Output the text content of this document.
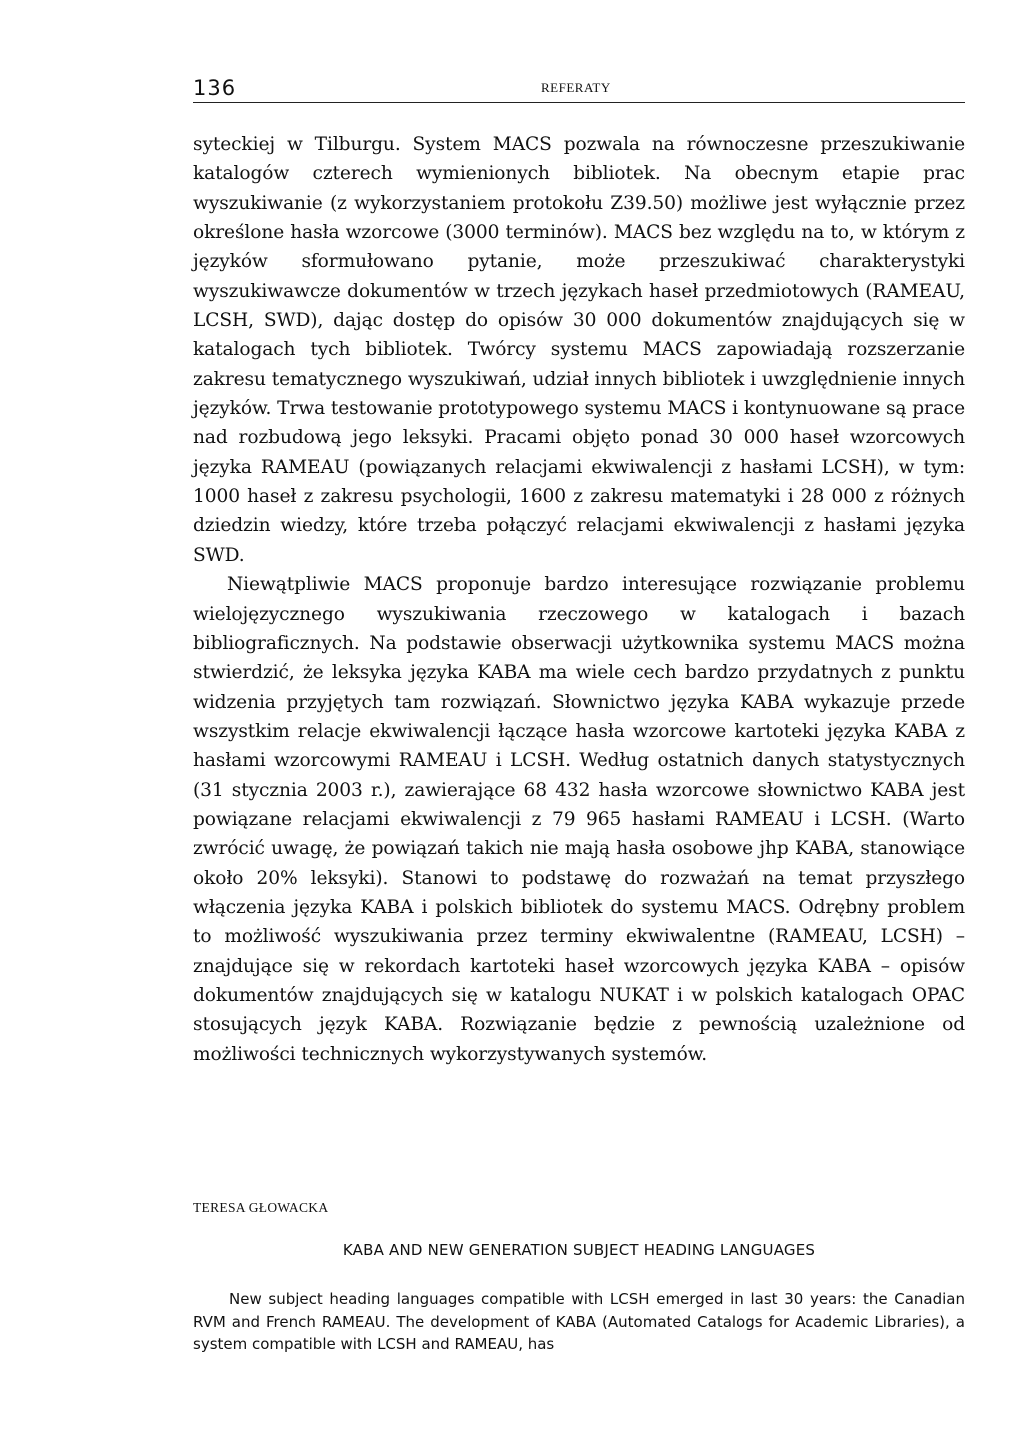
136	REFERATY

syteckiej w Tilburgu. System MACS pozwala na równoczesne przeszukiwanie katalogów czterech wymienionych bibliotek. Na obecnym etapie prac wyszukiwanie (z wykorzystaniem protokołu Z39.50) możliwe jest wyłącznie przez określone hasła wzorcowe (3000 terminów). MACS bez względu na to, w którym z języków sformułowano pytanie, może przeszukiwać charakterystyki wyszukiwawcze dokumentów w trzech językach haseł przedmiotowych (RAMEAU, LCSH, SWD), dając dostęp do opisów 30 000 dokumentów znajdujących się w katalogach tych bibliotek. Twórcy systemu MACS zapowiadają rozszerzanie zakresu tematycznego wyszukiwań, udział innych bibliotek i uwzględnienie innych języków. Trwa testowanie prototypowego systemu MACS i kontynuowane są prace nad rozbudową jego leksyki. Pracami objęto ponad 30 000 haseł wzorcowych języka RAMEAU (powiązanych relacjami ekwiwalencji z hasłami LCSH), w tym: 1000 haseł z zakresu psychologii, 1600 z zakresu matematyki i 28 000 z różnych dziedzin wiedzy, które trzeba połączyć relacjami ekwiwalencji z hasłami języka SWD.

Niewątpliwie MACS proponuje bardzo interesujące rozwiązanie problemu wielojęzycznego wyszukiwania rzeczowego w katalogach i bazach bibliograficznych. Na podstawie obserwacji użytkownika systemu MACS można stwierdzić, że leksyka języka KABA ma wiele cech bardzo przydatnych z punktu widzenia przyjętych tam rozwiązań. Słownictwo języka KABA wykazuje przede wszystkim relacje ekwiwalencji łączące hasła wzorcowe kartoteki języka KABA z hasłami wzorcowymi RAMEAU i LCSH. Według ostatnich danych statystycznych (31 stycznia 2003 r.), zawierające 68 432 hasła wzorcowe słownictwo KABA jest powiązane relacjami ekwiwalencji z 79 965 hasłami RAMEAU i LCSH. (Warto zwrócić uwagę, że powiązań takich nie mają hasła osobowe jhp KABA, stanowiące około 20% leksyki). Stanowi to podstawę do rozważań na temat przyszłego włączenia języka KABA i polskich bibliotek do systemu MACS. Odrębny problem to możliwość wyszukiwania przez terminy ekwiwalentne (RAMEAU, LCSH) – znajdujące się w rekordach kartoteki haseł wzorcowych języka KABA – opisów dokumentów znajdujących się w katalogu NUKAT i w polskich katalogach OPAC stosujących język KABA. Rozwiązanie będzie z pewnością uzależnione od możliwości technicznych wykorzystywanych systemów.

TERESA GŁOWACKA
KABA AND NEW GENERATION SUBJECT HEADING LANGUAGES

New subject heading languages compatible with LCSH emerged in last 30 years: the Canadian RVM and French RAMEAU. The development of KABA (Automated Catalogs for Academic Libraries), a system compatible with LCSH and RAMEAU, has
